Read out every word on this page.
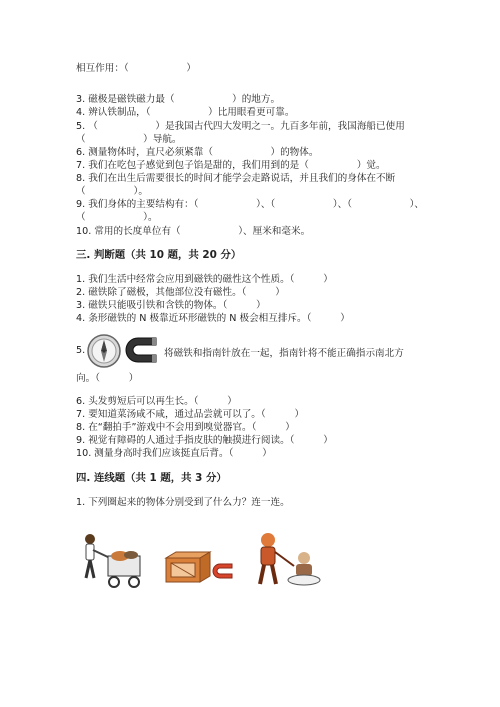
相互作用：（　　　　　　）
3. 磁极是磁铁磁力最（　　　　　　）的地方。
4. 辨认铁制品，（　　　　　　）比用眼看更可靠。
5. （　　　　　　）是我国古代四大发明之一。九百多年前，我国海船已使用
（　　　　　　）导航。
6. 测量物体时，直尺必须紧靠（　　　　　　）的物体。
7. 我们在吃包子感觉到包子馅是甜的，我们用到的是（　　　　　）觉。
8. 我们在出生后需要很长的时间才能学会走路说话，并且我们的身体在不断
（　　　　　）。
9. 我们身体的主要结构有：（　　　　　　）、（　　　　　　）、（　　　　　　）、
（　　　　　　）。
10. 常用的长度单位有（　　　　　　）、厘米和毫米。
三. 判断题（共 10 题，共 20 分）
1. 我们生活中经常会应用到磁铁的磁性这个性质。（　　　）
2. 磁铁除了磁极，其他部位没有磁性。（　　　）
3. 磁铁只能吸引铁和含铁的物体。（　　　）
4. 条形磁铁的 N 极靠近环形磁铁的 N 极会相互排斥。（　　　）
5.	将磁铁和指南针放在一起，指南针将不能正确指示南北方
向。（　　　）
6. 头发剪短后可以再生长。（　　　）
7. 要知道菜汤咸不咸，通过品尝就可以了。（　　　）
8. 在“翻拍手”游戏中不会用到嗅觉器官。（　　　）
9. 视觉有障碍的人通过手指皮肤的触摸进行阅读。（　　　）
10. 测量身高时我们应该挺直后背。（　　　）
四. 连线题（共 1 题，共 3 分）
1. 下列圈起来的物体分别受到了什么力？连一连。
